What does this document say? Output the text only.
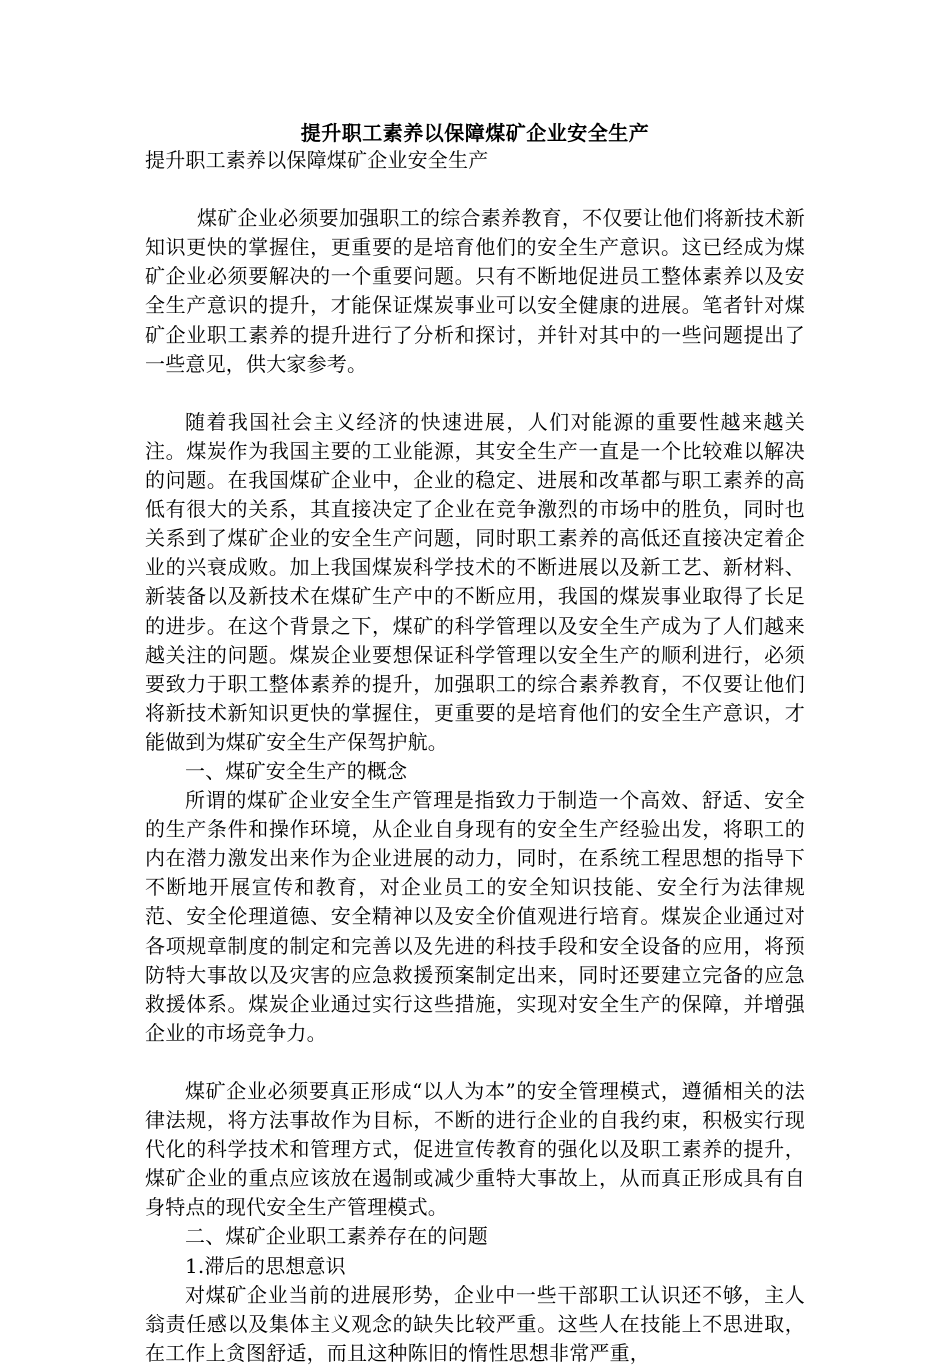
提升职工素养以保障煤矿企业安全生产

提升职工素养以保障煤矿企业安全生产

煤矿企业必须要加强职工的综合素养教育，不仅要让他们将新技术新知识更快的掌握住，更重要的是培育他们的安全生产意识。这已经成为煤矿企业必须要解决的一个重要问题。只有不断地促进员工整体素养以及安全生产意识的提升，才能保证煤炭事业可以安全健康的进展。笔者针对煤矿企业职工素养的提升进行了分析和探讨，并针对其中的一些问题提出了一些意见，供大家参考。

随着我国社会主义经济的快速进展，人们对能源的重要性越来越关注。煤炭作为我国主要的工业能源，其安全生产一直是一个比较难以解决的问题。在我国煤矿企业中，企业的稳定、进展和改革都与职工素养的高低有很大的关系，其直接决定了企业在竞争激烈的市场中的胜负，同时也关系到了煤矿企业的安全生产问题，同时职工素养的高低还直接决定着企业的兴衰成败。加上我国煤炭科学技术的不断进展以及新工艺、新材料、新装备以及新技术在煤矿生产中的不断应用，我国的煤炭事业取得了长足的进步。在这个背景之下，煤矿的科学管理以及安全生产成为了人们越来越关注的问题。煤炭企业要想保证科学管理以安全生产的顺利进行，必须要致力于职工整体素养的提升，加强职工的综合素养教育，不仅要让他们将新技术新知识更快的掌握住，更重要的是培育他们的安全生产意识，才能做到为煤矿安全生产保驾护航。

一、煤矿安全生产的概念

所谓的煤矿企业安全生产管理是指致力于制造一个高效、舒适、安全的生产条件和操作环境，从企业自身现有的安全生产经验出发，将职工的内在潜力激发出来作为企业进展的动力，同时，在系统工程思想的指导下不断地开展宣传和教育，对企业员工的安全知识技能、安全行为法律规范、安全伦理道德、安全精神以及安全价值观进行培育。煤炭企业通过对各项规章制度的制定和完善以及先进的科技手段和安全设备的应用，将预防特大事故以及灾害的应急救援预案制定出来，同时还要建立完备的应急救援体系。煤炭企业通过实行这些措施，实现对安全生产的保障，并增强企业的市场竞争力。

煤矿企业必须要真正形成“以人为本”的安全管理模式，遵循相关的法律法规，将方法事故作为目标，不断的进行企业的自我约束，积极实行现代化的科学技术和管理方式，促进宣传教育的强化以及职工素养的提升，煤矿企业的重点应该放在遏制或减少重特大事故上，从而真正形成具有自身特点的现代安全生产管理模式。

二、煤矿企业职工素养存在的问题

1.滞后的思想意识

对煤矿企业当前的进展形势，企业中一些干部职工认识还不够，主人翁责任感以及集体主义观念的缺失比较严重。这些人在技能上不思进取，在工作上贪图舒适，而且这种陈旧的惰性思想非常严重，
